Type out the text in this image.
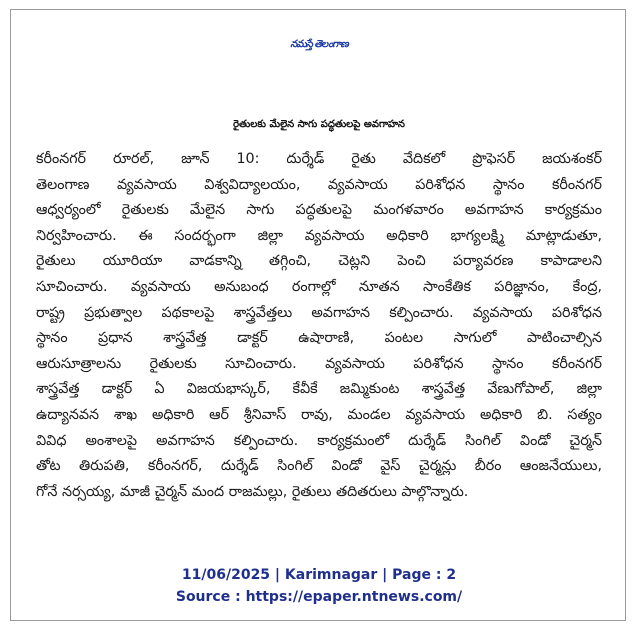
నమస్తే తెలంగాణ
రైతులకు మేలైన సాగు పద్ధతులపై అవగాహన
కరీంనగర్ రూరల్, జూన్ 10: దుర్శేడ్ రైతు వేదికలో ప్రొఫెసర్ జయశంకర్
తెలంగాణ వ్యవసాయ విశ్వవిద్యాలయం, వ్యవసాయ పరిశోధన స్థానం కరీంనగర్
ఆధ్వర్యంలో రైతులకు మేలైన సాగు పద్ధతులపై మంగళవారం అవగాహన కార్యక్రమం
నిర్వహించారు. ఈ సందర్భంగా జిల్లా వ్యవసాయ అధికారి భాగ్యలక్ష్మి మాట్లాడుతూ,
రైతులు యూరియా వాడకాన్ని తగ్గించి, చెట్లని పెంచి పర్యావరణ కాపాడాలని
సూచించారు. వ్యవసాయ అనుబంధ రంగాల్లో నూతన సాంకేతిక పరిజ్ఞానం, కేంద్ర,
రాష్ట్ర ప్రభుత్వాల పథకాలపై శాస్త్రవేత్తలు అవగాహన కల్పించారు. వ్యవసాయ పరిశోధన
స్థానం ప్రధాన శాస్త్రవేత్త డాక్టర్ ఉషారాణి, పంటల సాగులో పాటించాల్సిన
ఆరుసూత్రాలను రైతులకు సూచించారు. వ్యవసాయ పరిశోధన స్థానం కరీంనగర్
శాస్త్రవేత్త డాక్టర్ ఏ విజయభాస్కర్, కేవీకే జమ్మికుంట శాస్త్రవేత్త వేణుగోపాల్, జిల్లా
ఉద్యానవన శాఖ అధికారి ఆర్ శ్రీనివాస్ రావు, మండల వ్యవసాయ అధికారి బి. సత్యం
వివిధ అంశాలపై అవగాహన కల్పించారు. కార్యక్రమంలో దుర్శేడ్ సింగిల్ విండో చైర్మన్
తోట తిరుపతి, కరీంనగర్, దుర్శేడ్ సింగిల్ విండో వైస్ చైర్మన్లు బీరం ఆంజనేయులు,
గోనే నర్సయ్య, మాజీ చైర్మన్ మంద రాజమల్లు, రైతులు తదితరులు పాల్గొన్నారు.
11/06/2025 | Karimnagar | Page : 2
Source : https://epaper.ntnews.com/
